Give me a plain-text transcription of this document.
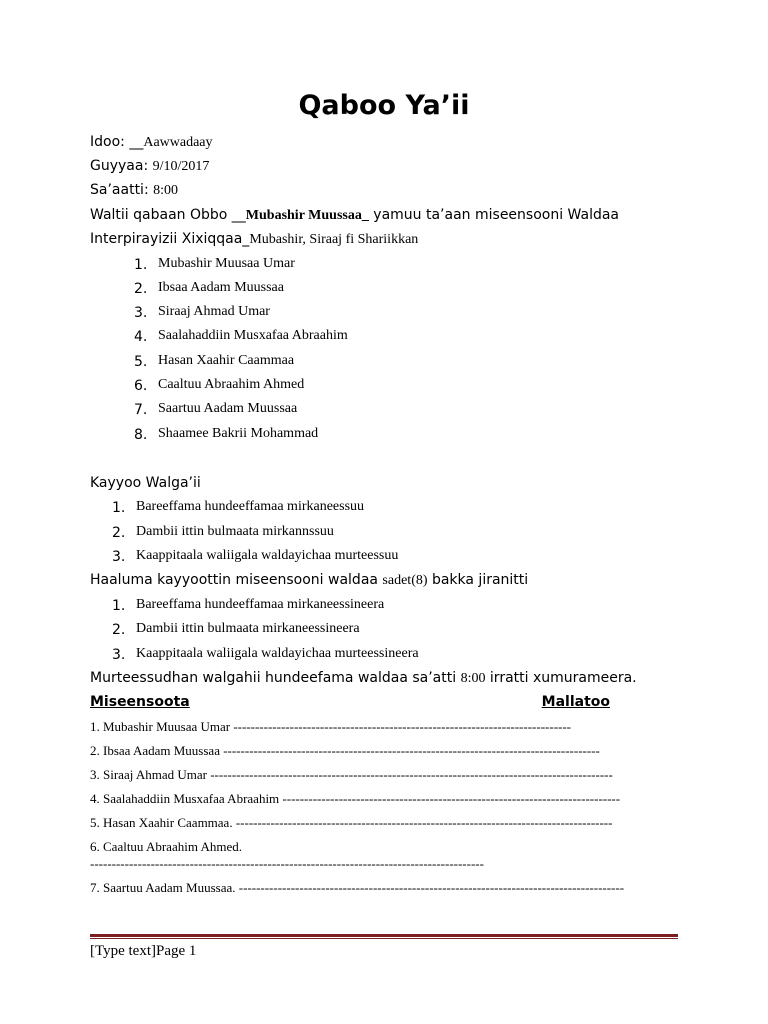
Qaboo Ya’ii
Idoo: __Aawwadaay
Guyyaa: 9/10/2017
Sa’aatti: 8:00
Waltii qabaan Obbo __Mubashir Muussaa_ yamuu ta’aan miseensooni Waldaa
Interpirayizii Xixiqqaa_Mubashir, Siraaj fi Shariikkan
1. Mubashir Muusaa Umar
2. Ibsaa Aadam Muussaa
3. Siraaj Ahmad Umar
4. Saalahaddiin Musxafaa Abraahim
5. Hasan Xaahir Caammaa
6. Caaltuu Abraahim Ahmed
7. Saartuu Aadam Muussaa
8. Shaamee Bakrii Mohammad
Kayyoo Walga’ii
1. Bareeffama hundeeffamaa mirkaneessuu
2. Dambii ittin bulmaata mirkannssuu
3. Kaappitaala waliigala waldayichaa murteessuu
Haaluma kayyoottin miseensooni waldaa sadet(8) bakka jiranitti
1. Bareeffama hundeeffamaa mirkaneessineera
2. Dambii ittin bulmaata mirkaneessineera
3. Kaappitaala waliigala waldayichaa murteessineera
Murteessudhan walgahii hundeefama waldaa sa’atti 8:00 irratti xumurameera.
Miseensoota	Mallatoo
1. Mubashir Muusaa Umar ------------------------------------------------------------------------------
2. Ibsaa Aadam Muussaa ---------------------------------------------------------------------------------------
3. Siraaj Ahmad Umar ---------------------------------------------------------------------------------------------
4. Saalahaddiin Musxafaa Abraahim ------------------------------------------------------------------------------
5. Hasan Xaahir Caammaa. ---------------------------------------------------------------------------------------
6. Caaltuu Abraahim Ahmed.
-------------------------------------------------------------------------------------------
7. Saartuu Aadam Muussaa. -----------------------------------------------------------------------------------------
[Type text]Page 1
